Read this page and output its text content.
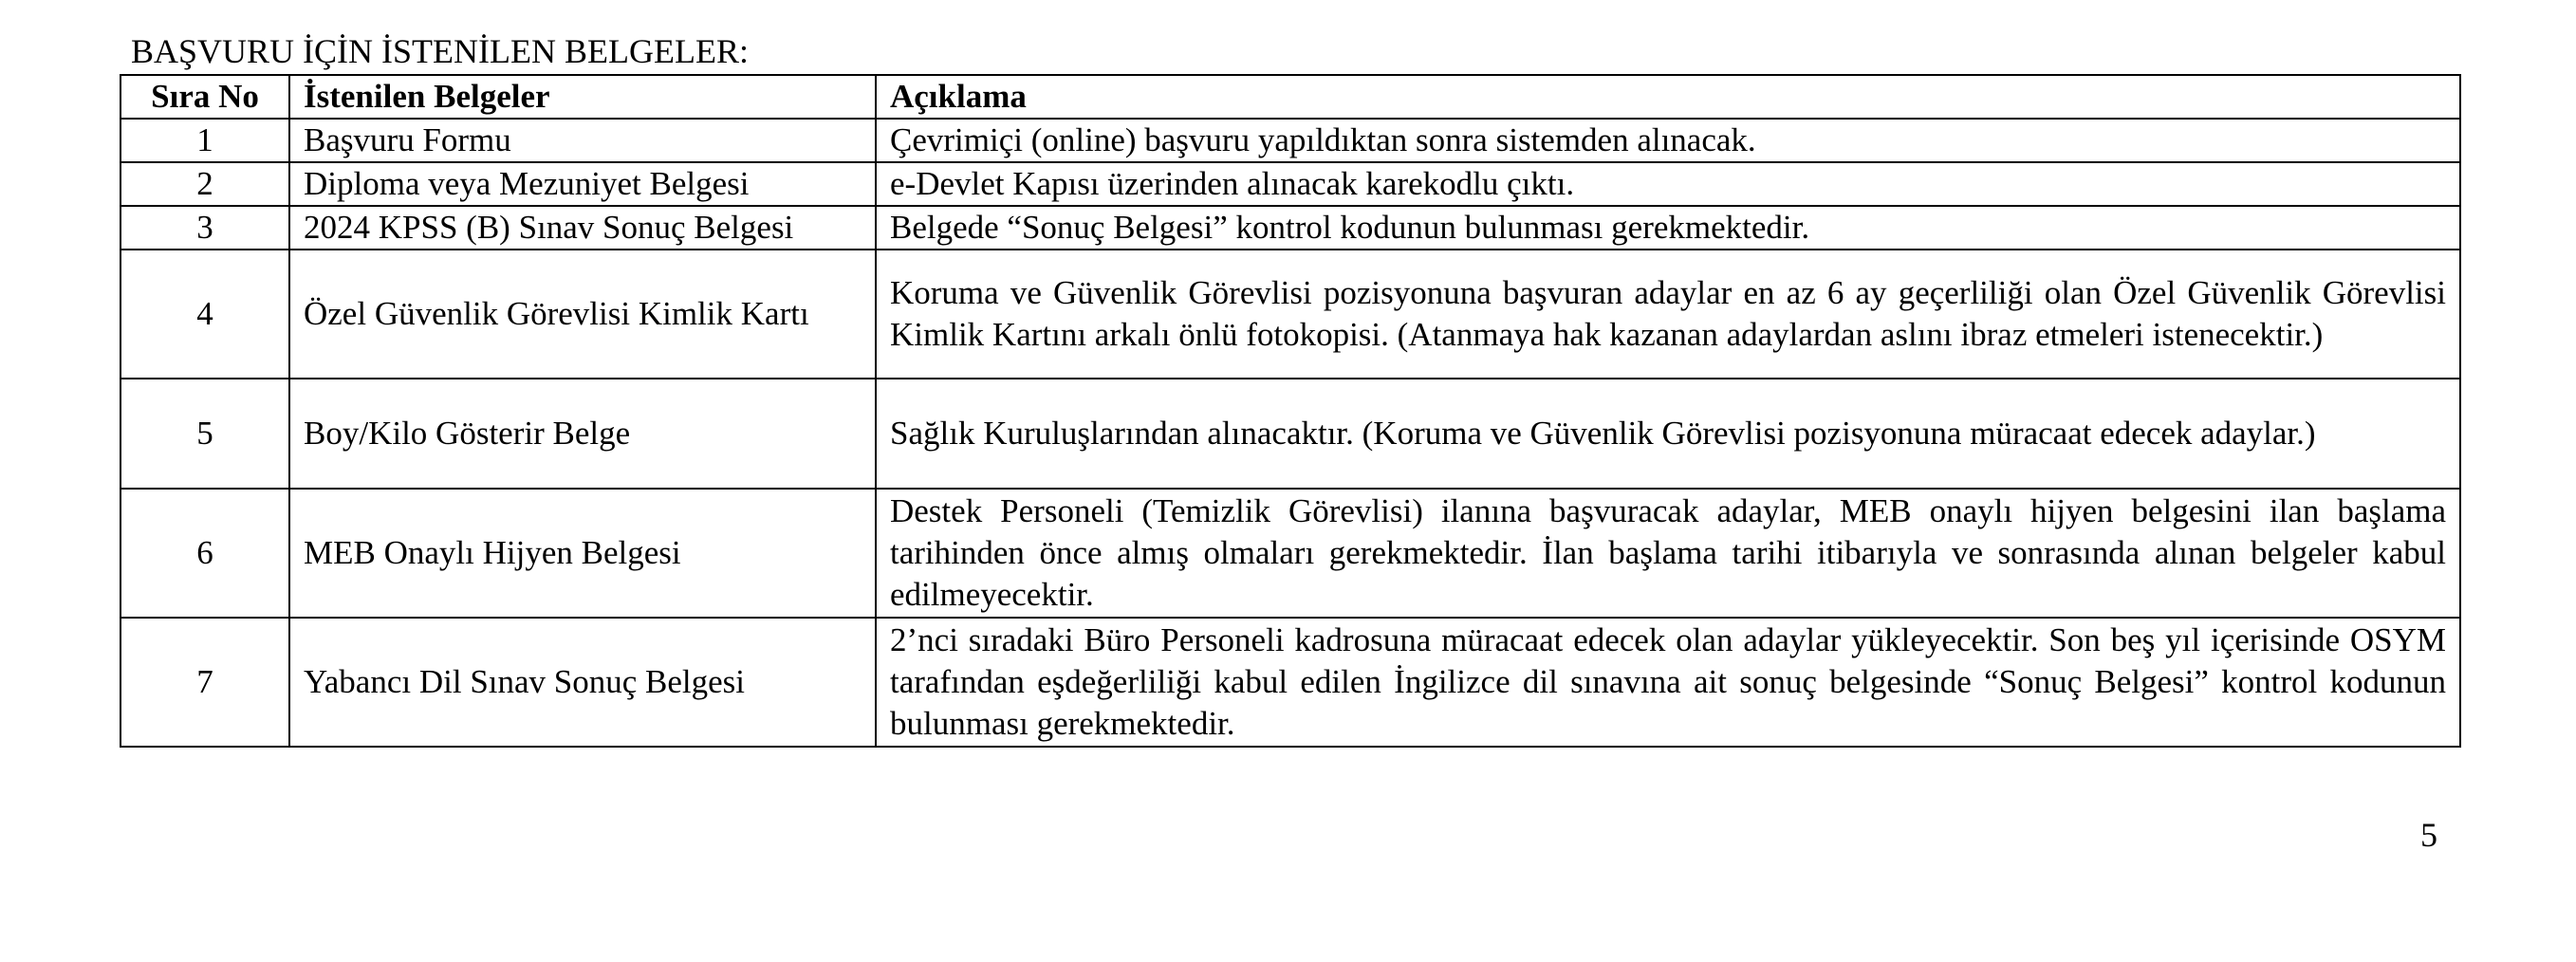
BAŞVURU İÇİN İSTENİLEN BELGELER:
Sıra No	İstenilen Belgeler	Açıklama
1	Başvuru Formu	Çevrimiçi (online) başvuru yapıldıktan sonra sistemden alınacak.
2	Diploma veya Mezuniyet Belgesi	e-Devlet Kapısı üzerinden alınacak karekodlu çıktı.
3	2024 KPSS (B) Sınav Sonuç Belgesi	Belgede “Sonuç Belgesi” kontrol kodunun bulunması gerekmektedir.
4	Özel Güvenlik Görevlisi Kimlik Kartı	Koruma ve Güvenlik Görevlisi pozisyonuna başvuran adaylar en az 6 ay geçerliliği olan Özel Güvenlik Görevlisi Kimlik Kartını arkalı önlü fotokopisi. (Atanmaya hak kazanan adaylardan aslını ibraz etmeleri istenecektir.)
5	Boy/Kilo Gösterir Belge	Sağlık Kuruluşlarından alınacaktır. (Koruma ve Güvenlik Görevlisi pozisyonuna müracaat edecek adaylar.)
6	MEB Onaylı Hijyen Belgesi	Destek Personeli (Temizlik Görevlisi) ilanına başvuracak adaylar, MEB onaylı hijyen belgesini ilan başlama tarihinden önce almış olmaları gerekmektedir. İlan başlama tarihi itibarıyla ve sonrasında alınan belgeler kabul edilmeyecektir.
7	Yabancı Dil Sınav Sonuç Belgesi	2’nci sıradaki Büro Personeli kadrosuna müracaat edecek olan adaylar yükleyecektir. Son beş yıl içerisinde OSYM tarafından eşdeğerliliği kabul edilen İngilizce dil sınavına ait sonuç belgesinde “Sonuç Belgesi” kontrol kodunun bulunması gerekmektedir.
5
